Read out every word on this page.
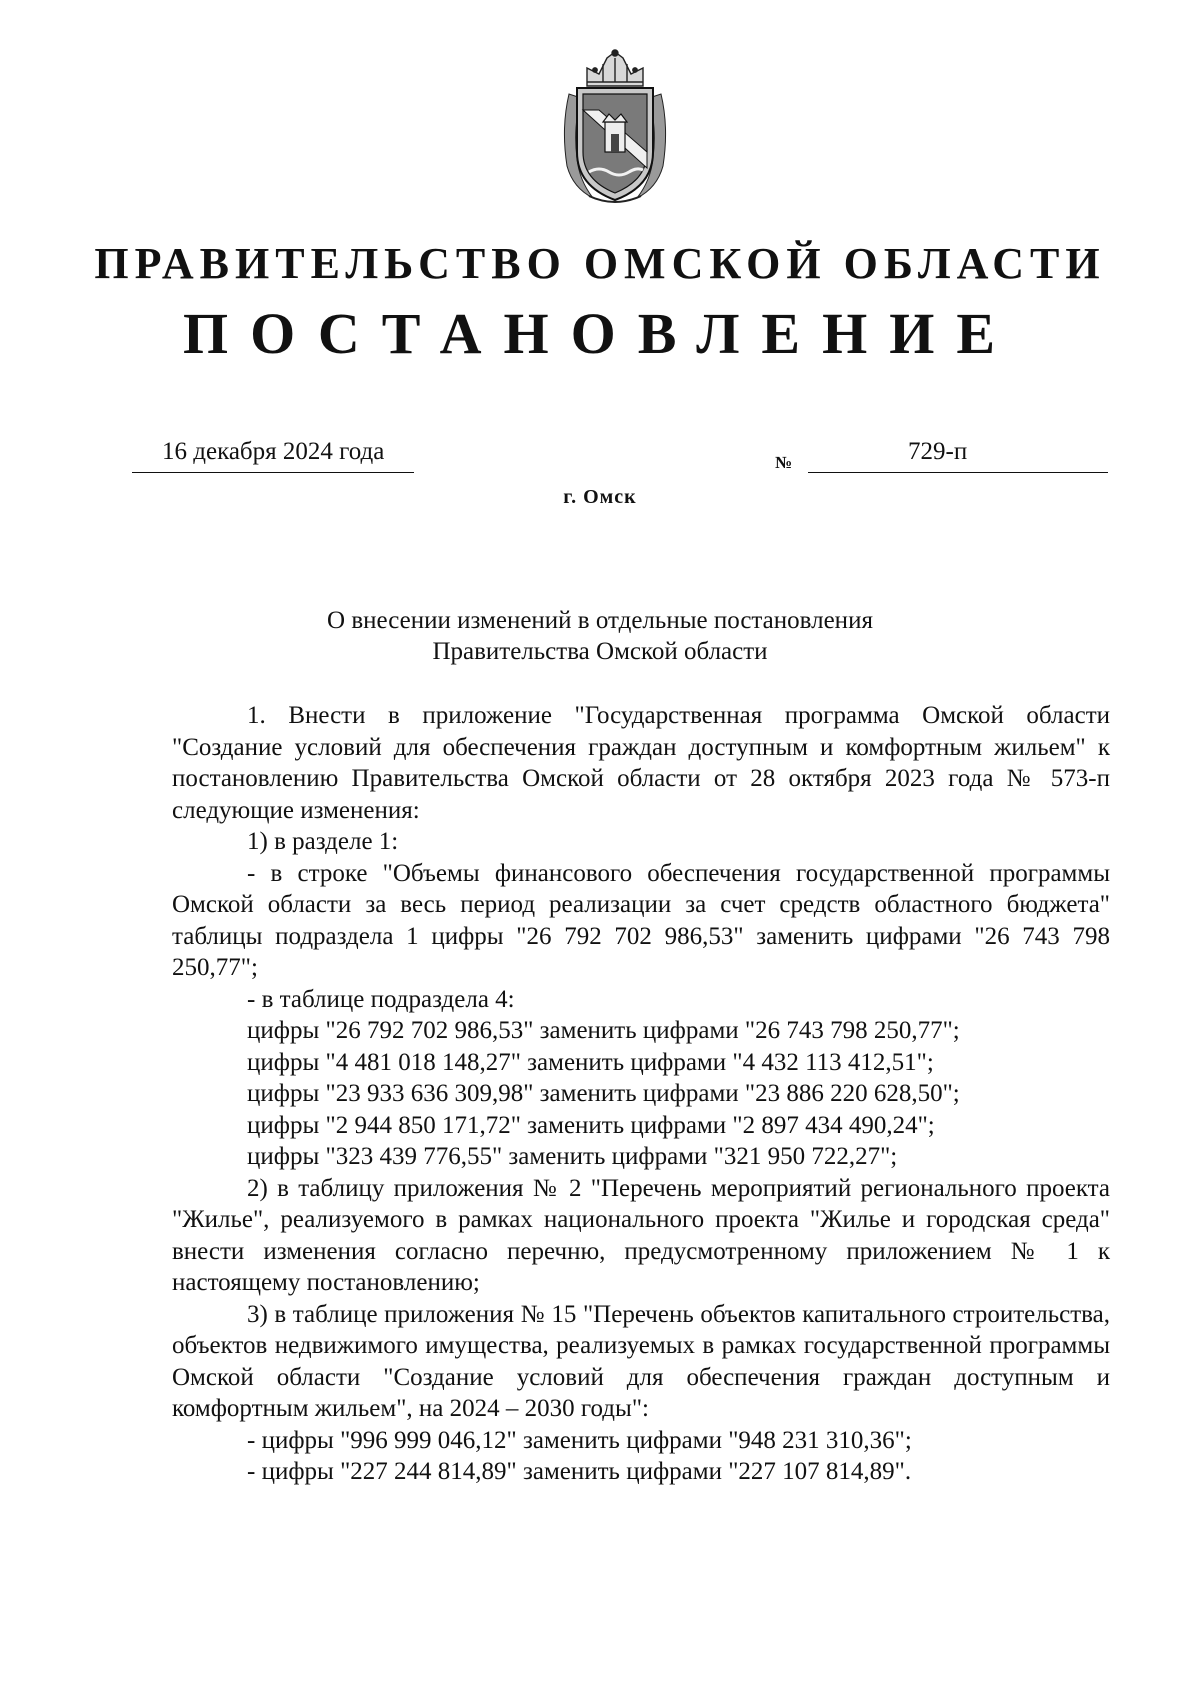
ПРАВИТЕЛЬСТВО ОМСКОЙ ОБЛАСТИ
ПОСТАНОВЛЕНИЕ
16 декабря 2024 года	№	729-п
г. Омск
О внесении изменений в отдельные постановления
Правительства Омской области

1. Внести в приложение "Государственная программа Омской области "Создание условий для обеспечения граждан доступным и комфортным жильем" к постановлению Правительства Омской области от 28 октября 2023 года № 573-п следующие изменения:

1) в разделе 1:

- в строке "Объемы финансового обеспечения государственной программы Омской области за весь период реализации за счет средств областного бюджета" таблицы подраздела 1 цифры "26 792 702 986,53" заменить цифрами "26 743 798 250,77";

- в таблице подраздела 4:

цифры "26 792 702 986,53" заменить цифрами "26 743 798 250,77";

цифры "4 481 018 148,27" заменить цифрами "4 432 113 412,51";

цифры "23 933 636 309,98" заменить цифрами "23 886 220 628,50";

цифры "2 944 850 171,72" заменить цифрами "2 897 434 490,24";

цифры "323 439 776,55" заменить цифрами "321 950 722,27";

2) в таблицу приложения № 2 "Перечень мероприятий регионального проекта "Жилье", реализуемого в рамках национального проекта "Жилье и городская среда" внести изменения согласно перечню, предусмотренному приложением № 1 к настоящему постановлению;

3) в таблице приложения № 15 "Перечень объектов капитального строительства, объектов недвижимого имущества, реализуемых в рамках государственной программы Омской области "Создание условий для обеспечения граждан доступным и комфортным жильем", на 2024 – 2030 годы":

- цифры "996 999 046,12" заменить цифрами "948 231 310,36";

- цифры "227 244 814,89" заменить цифрами "227 107 814,89".
